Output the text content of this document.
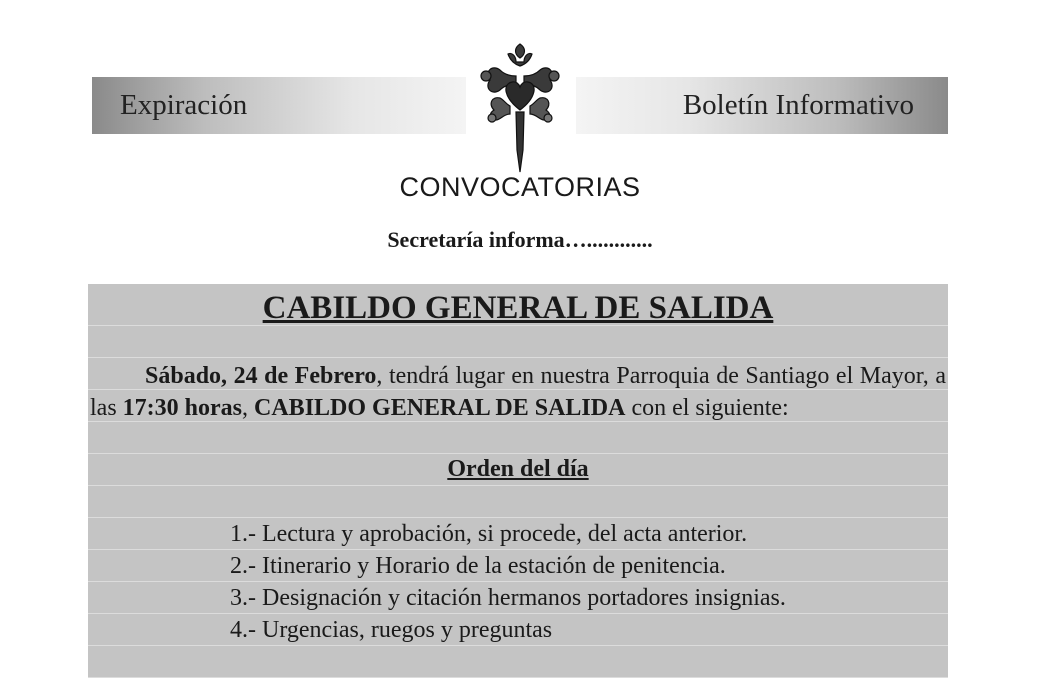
Expiración	Boletín Informativo
CONVOCATORIAS
Secretaría informa…............
CABILDO GENERAL DE SALIDA
Sábado, 24 de Febrero, tendrá lugar en nuestra Parroquia de Santiago el Mayor, a las 17:30 horas, CABILDO GENERAL DE SALIDA con el siguiente:
Orden del día
1.- Lectura y aprobación, si procede, del acta anterior.
2.- Itinerario y Horario de la estación de penitencia.
3.- Designación y citación hermanos portadores insignias.
4.- Urgencias, ruegos y preguntas
